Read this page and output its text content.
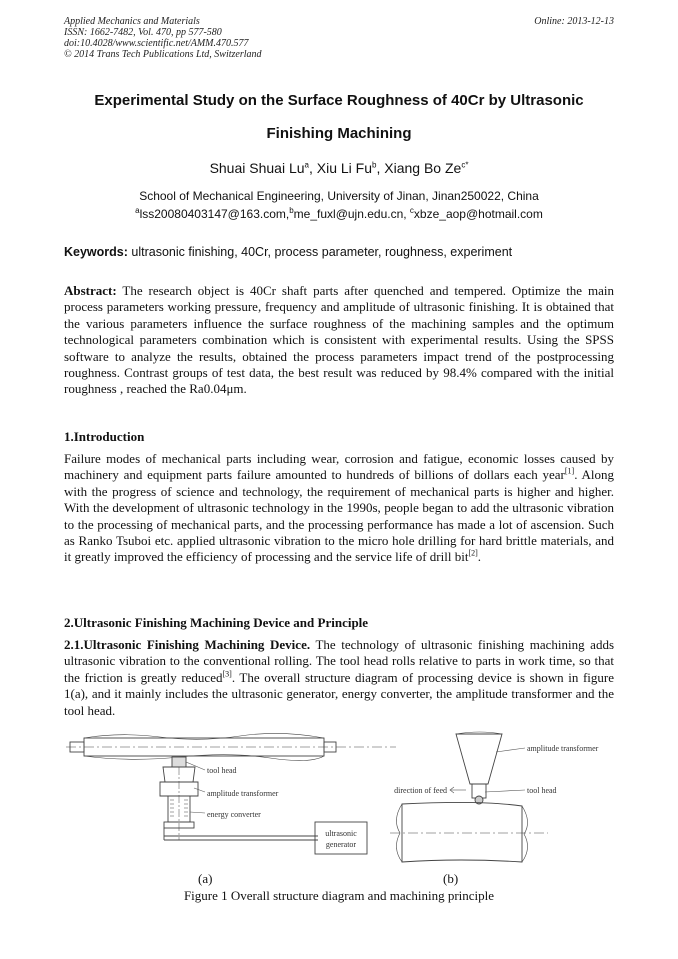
Applied Mechanics and Materials
ISSN: 1662-7482, Vol. 470, pp 577-580
doi:10.4028/www.scientific.net/AMM.470.577
© 2014 Trans Tech Publications Ltd, Switzerland
Online: 2013-12-13
Experimental Study on the Surface Roughness of 40Cr by Ultrasonic
Finishing Machining
Shuai Shuai Lu$^a$, Xiu Li Fu$^b$, Xiang Bo $Ze^{c*}$
School of Mechanical Engineering, University of Jinan, Jinan250022, China
$^a$lss20080403147@163.com,$^b$me_fuxl@ujn.edu.cn, $^c$xbze_aop@hotmail.com
Keywords: ultrasonic finishing, 40Cr, process parameter, roughness, experiment

Abstract: The research object is 40Cr shaft parts after quenched and tempered. Optimize the main process parameters working pressure, frequency and amplitude of ultrasonic finishing. It is obtained that the various parameters influence the surface roughness of the machining samples and the optimum technological parameters combination which is consistent with experimental results. Using the SPSS software to analyze the results, obtained the process parameters impact trend of the postprocessing roughness. Contrast groups of test data, the best result was reduced by 98.4% compared with the initial roughness , reached the Ra0.04μm.

1.Introduction

Failure modes of mechanical parts including wear, corrosion and fatigue, economic losses caused by machinery and equipment parts failure amounted to hundreds of billions of dollars each year[1]. Along with the progress of science and technology, the requirement of mechanical parts is higher and higher. With the development of ultrasonic technology in the 1990s, people began to add the ultrasonic vibration to the processing of mechanical parts, and the processing performance has made a lot of ascension. Such as Ranko Tsuboi etc. applied ultrasonic vibration to the micro hole drilling for hard brittle materials, and it greatly improved the efficiency of processing and the service life of drill bit[2].

2.Ultrasonic Finishing Machining Device and Principle

2.1.Ultrasonic Finishing Machining Device. The technology of ultrasonic finishing machining adds ultrasonic vibration to the conventional rolling. The tool head rolls relative to parts in work time, so that the friction is greatly reduced[3]. The overall structure diagram of processing device is shown in figure 1(a), and it mainly includes the ultrasonic generator, energy converter, the amplitude transformer and the tool head.

tool head
amplitude transformer
energy converter
ultrasonic
generator
amplitude transformer
direction of feed	tool head
(a)	(b)
Figure 1 Overall structure diagram and machining principle
